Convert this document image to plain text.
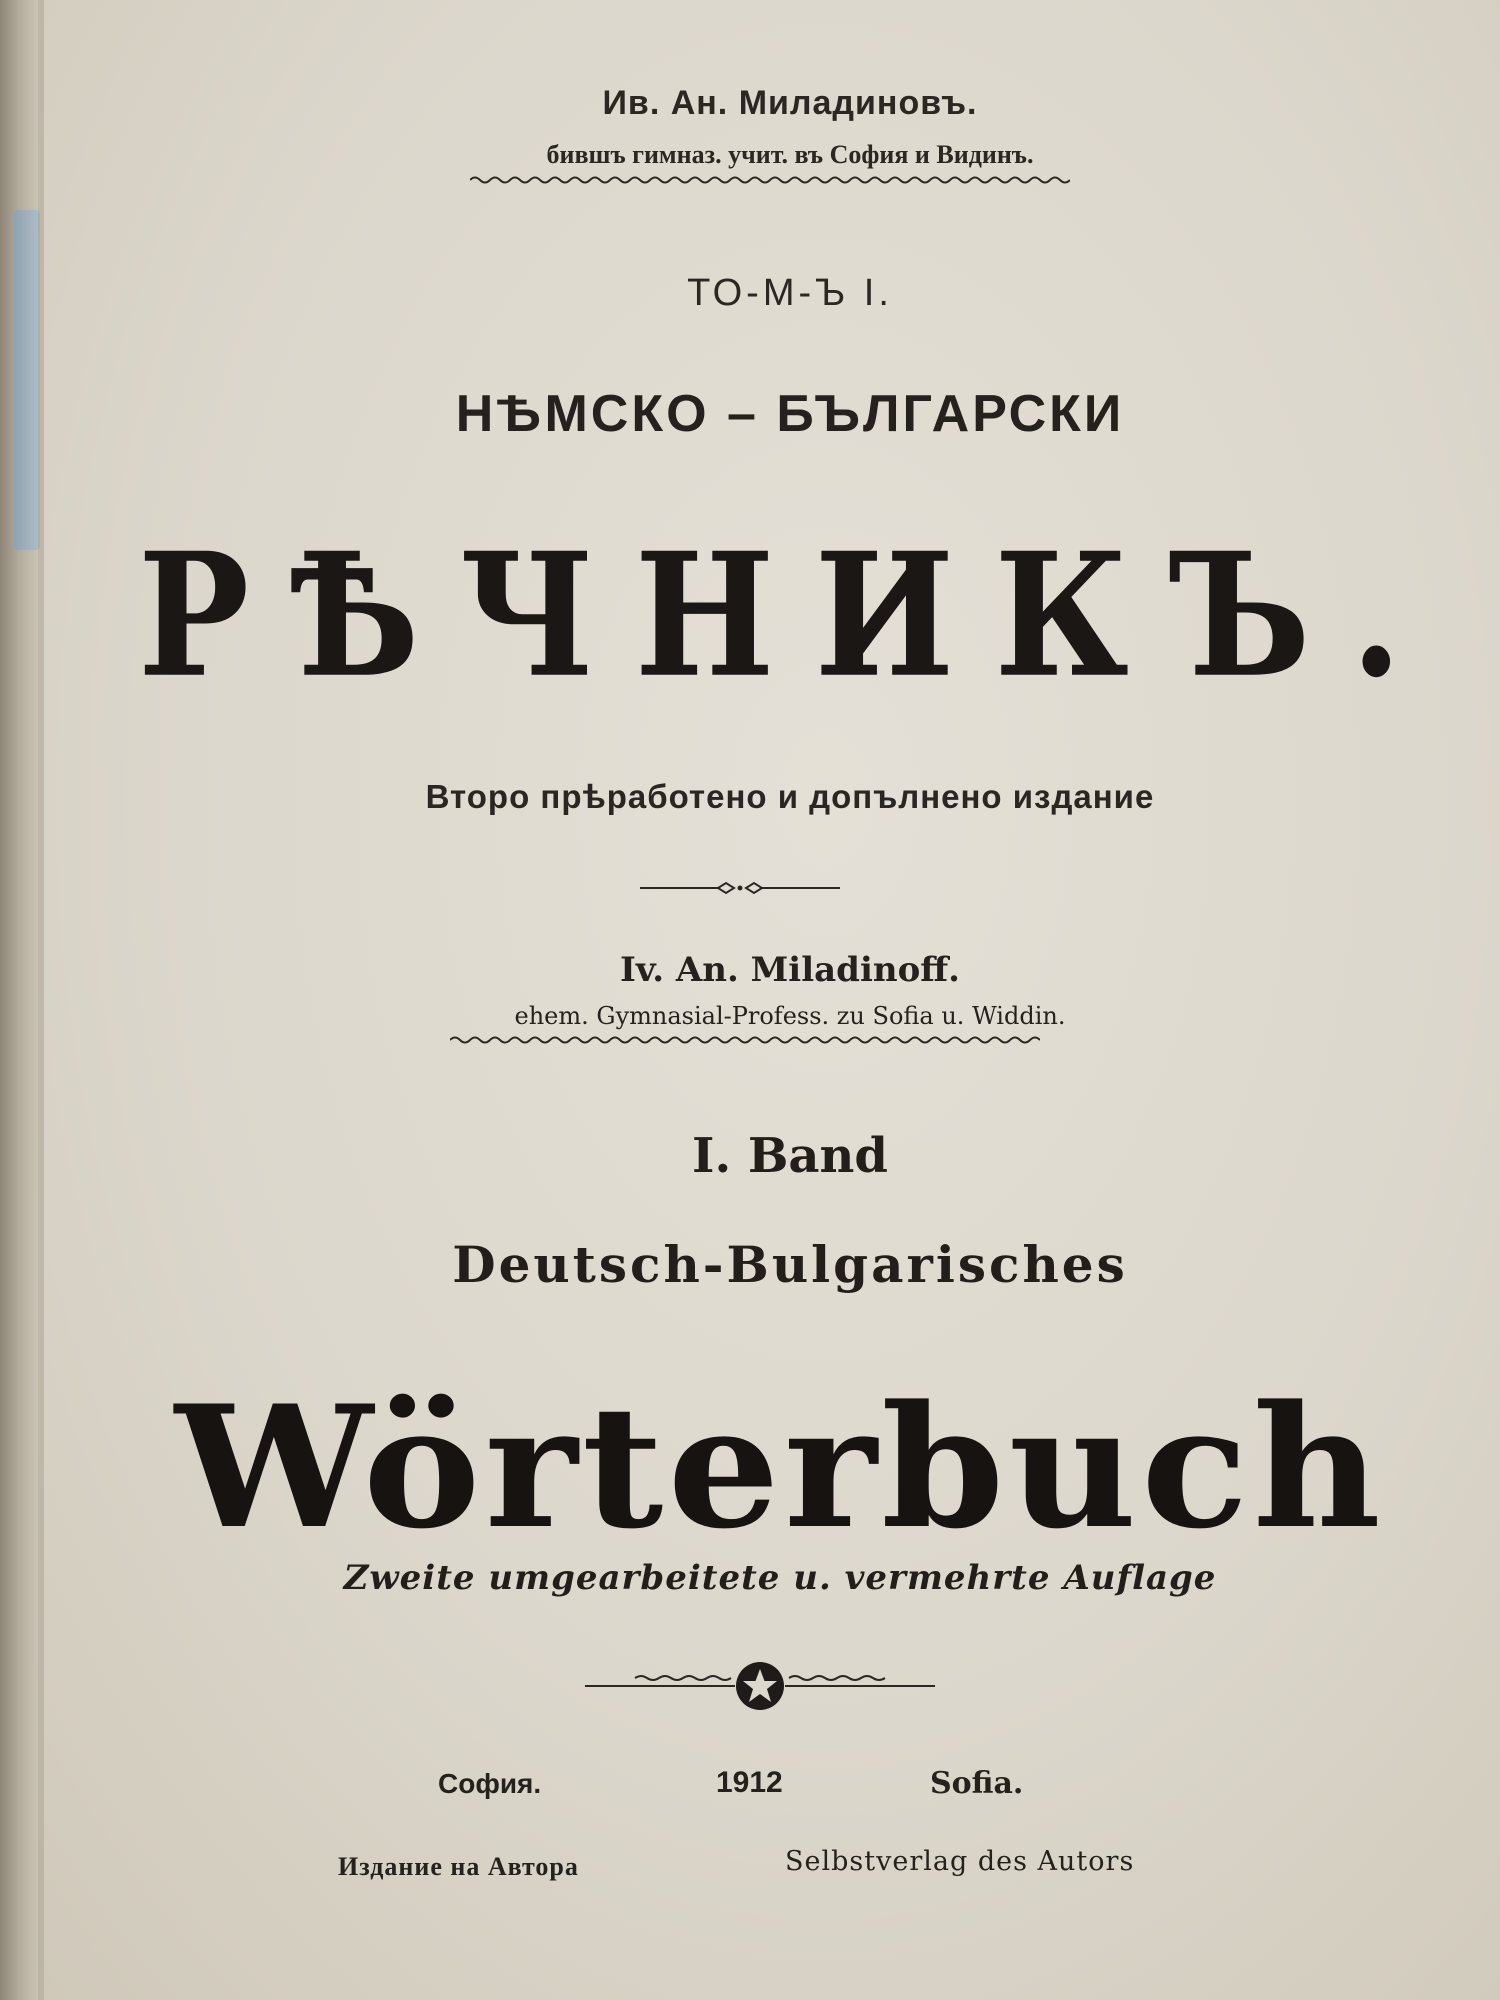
Ив. Ан. Миладиновъ.
бившъ гимназ. учит. въ София и Видинъ.
ТО-М-Ъ I.
НѢМСКО – БЪЛГАРСКИ
РѢЧНИКЪ.
Второ прѣработено и допълнено издание
Iv. An. Miladinoff.
ehem. Gymnasial-Profess. zu Sofia u. Widdin.
I. Band
Deutsch-Bulgarisches
Wörterbuch
Zweite umgearbeitete u. vermehrte Auflage
София.	1912	Sofia.
Издание на Автора	Selbstverlag des Autors
